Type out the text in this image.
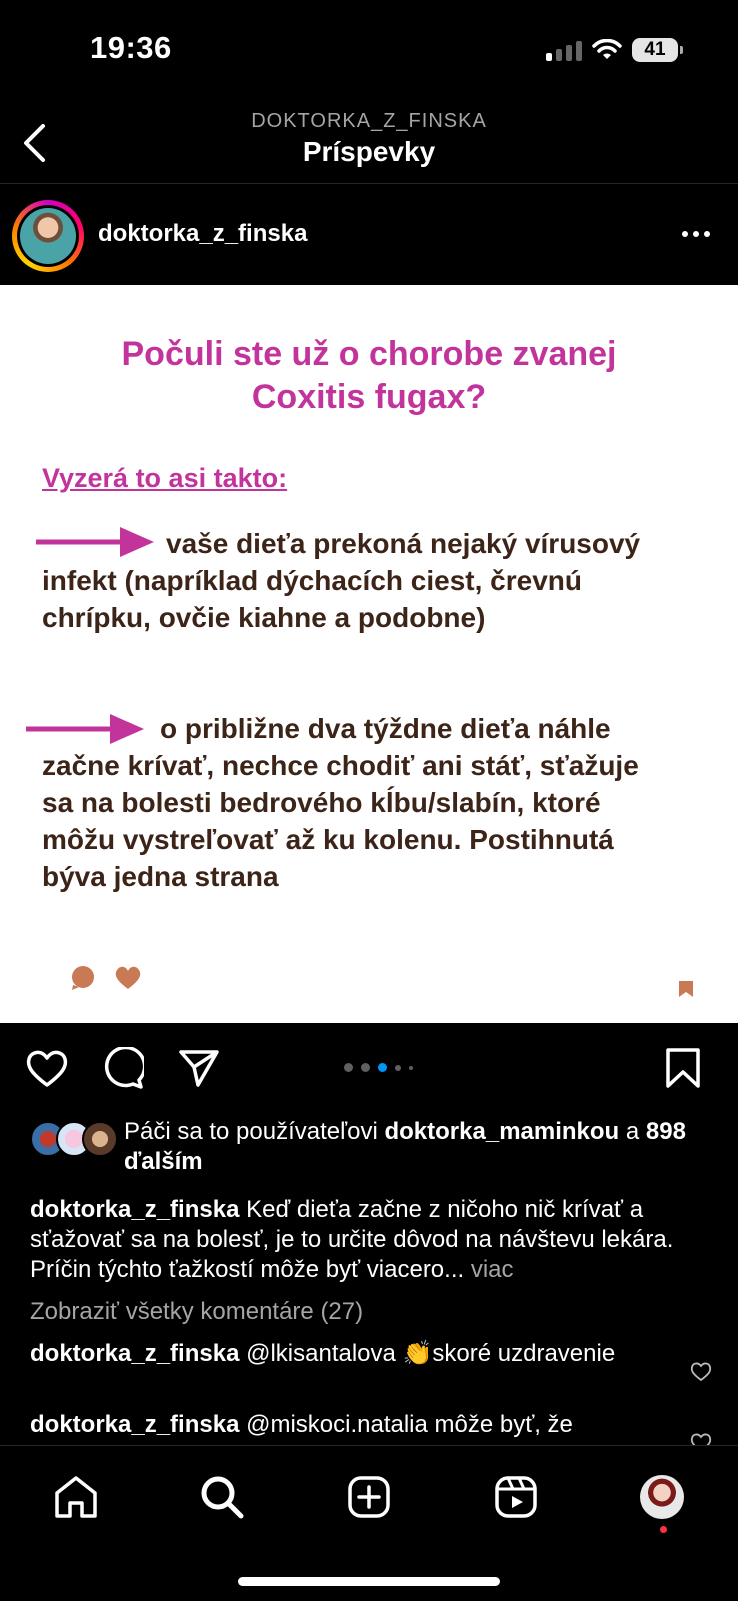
19:36	41
DOKTORKA_Z_FINSKA
Príspevky
doktorka_z_finska
Počuli ste už o chorobe zvanej
Coxitis fugax?
Vyzerá to asi takto:
vaše dieťa prekoná nejaký vírusový
infekt (napríklad dýchacích ciest, črevnú
chrípku, ovčie kiahne a podobne)
o približne dva týždne dieťa náhle
začne krívať, nechce chodiť ani stáť, sťažuje
sa na bolesti bedrového kĺbu/slabín, ktoré
môžu vystreľovať až ku kolenu. Postihnutá
býva jedna strana
Páči sa to používateľovi doktorka_maminkou a 898 ďalším
doktorka_z_finska Keď dieťa začne z ničoho nič krívať a sťažovať sa na bolesť, je to určite dôvod na návštevu lekára. Príčin týchto ťažkostí môže byť viacero... viac
Zobraziť všetky komentáre (27)
doktorka_z_finska @lkisantalova 👏skoré uzdravenie
doktorka_z_finska @miskoci.natalia môže byť, že
